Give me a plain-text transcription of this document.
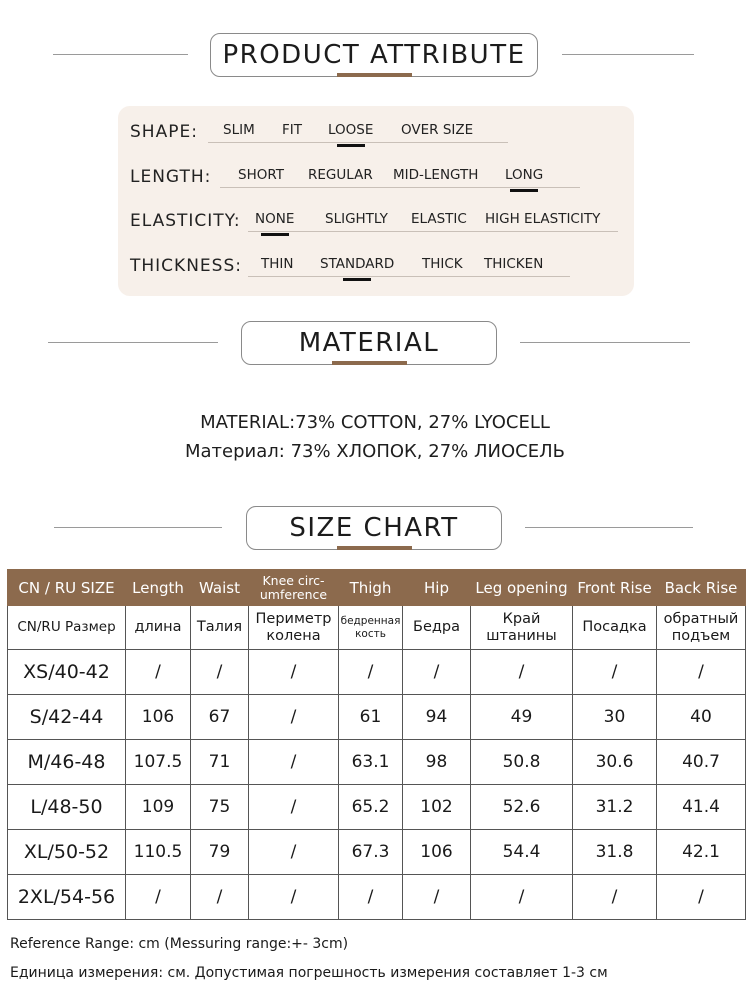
PRODUCT ATTRIBUTE
SHAPE: SLIM FIT LOOSE OVER SIZE
LENGTH: SHORT REGULAR MID-LENGTH LONG
ELASTICITY: NONE SLIGHTLY ELASTIC HIGH ELASTICITY
THICKNESS: THIN STANDARD THICK THICKEN
MATERIAL
MATERIAL:73% COTTON, 27% LYOCELL
Материал: 73% ХЛОПОК, 27% ЛИОСЕЛЬ
SIZE CHART
CN / RU SIZE	Length	Waist	Knee circ-umference	Thigh	Hip	Leg opening	Front Rise	Back Rise
CN/RU Размер	длина	Талия	Периметр колена	бедренная кость	Бедра	Край штанины	Посадка	обратный подъем
XS/40-42	/	/	/	/	/	/	/	/
S/42-44	106	67	/	61	94	49	30	40
M/46-48	107.5	71	/	63.1	98	50.8	30.6	40.7
L/48-50	109	75	/	65.2	102	52.6	31.2	41.4
XL/50-52	110.5	79	/	67.3	106	54.4	31.8	42.1
2XL/54-56	/	/	/	/	/	/	/	/
Reference Range: cm (Messuring range:+- 3cm)
Единица измерения: см. Допустимая погрешность измерения составляет 1-3 см
